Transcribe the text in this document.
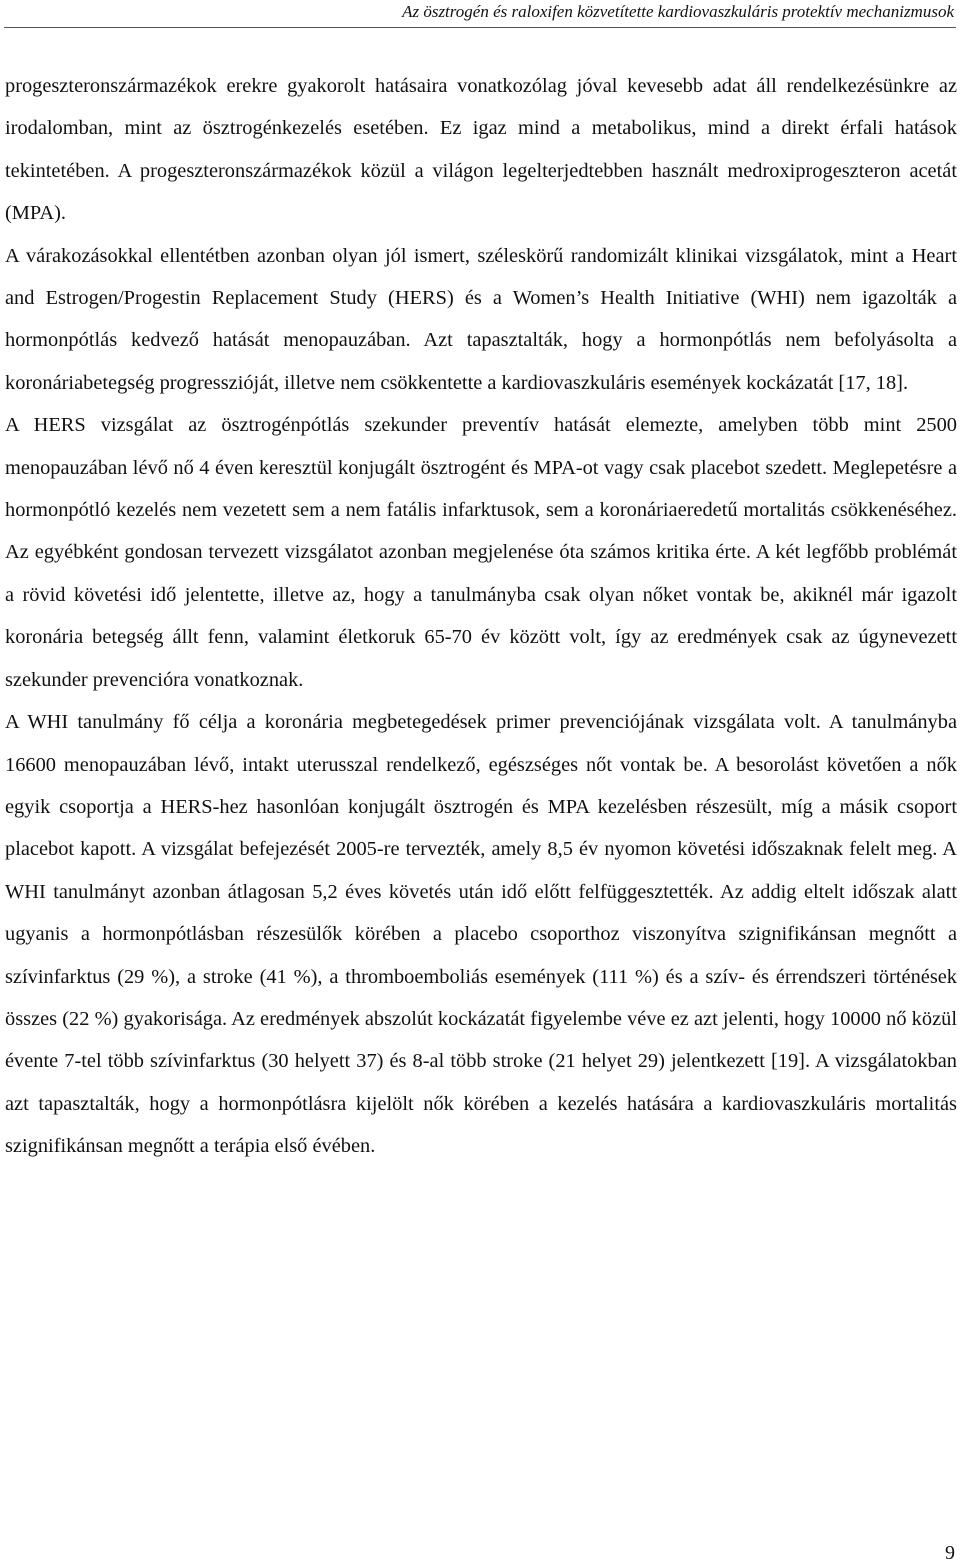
Az ösztrogén és raloxifen közvetítette kardiovaszkuláris protektív mechanizmusok

progeszteronszármazékok erekre gyakorolt hatásaira vonatkozólag jóval kevesebb adat áll rendelkezésünkre az irodalomban, mint az ösztrogénkezelés esetében. Ez igaz mind a metabolikus, mind a direkt érfali hatások tekintetében. A progeszteronszármazékok közül a világon legelterjedtebben használt medroxiprogeszteron acetát (MPA).

A várakozásokkal ellentétben azonban olyan jól ismert, széleskörű randomizált klinikai vizsgálatok, mint a Heart and Estrogen/Progestin Replacement Study (HERS) és a Women’s Health Initiative (WHI) nem igazolták a hormonpótlás kedvező hatását menopauzában. Azt tapasztalták, hogy a hormonpótlás nem befolyásolta a koronáriabetegség progresszióját, illetve nem csökkentette a kardiovaszkuláris események kockázatát [17, 18].

A HERS vizsgálat az ösztrogénpótlás szekunder preventív hatását elemezte, amelyben több mint 2500 menopauzában lévő nő 4 éven keresztül konjugált ösztrogént és MPA-ot vagy csak placebot szedett. Meglepetésre a hormonpótló kezelés nem vezetett sem a nem fatális infarktusok, sem a koronáriaeredetű mortalitás csökkenéséhez. Az egyébként gondosan tervezett vizsgálatot azonban megjelenése óta számos kritika érte. A két legfőbb problémát a rövid követési idő jelentette, illetve az, hogy a tanulmányba csak olyan nőket vontak be, akiknél már igazolt koronária betegség állt fenn, valamint életkoruk 65-70 év között volt, így az eredmények csak az úgynevezett szekunder prevencióra vonatkoznak.

A WHI tanulmány fő célja a koronária megbetegedések primer prevenciójának vizsgálata volt. A tanulmányba 16600 menopauzában lévő, intakt uterusszal rendelkező, egészséges nőt vontak be. A besorolást követően a nők egyik csoportja a HERS-hez hasonlóan konjugált ösztrogén és MPA kezelésben részesült, míg a másik csoport placebot kapott. A vizsgálat befejezését 2005-re tervezték, amely 8,5 év nyomon követési időszaknak felelt meg. A WHI tanulmányt azonban átlagosan 5,2 éves követés után idő előtt felfüggesztették. Az addig eltelt időszak alatt ugyanis a hormonpótlásban részesülők körében a placebo csoporthoz viszonyítva szignifikánsan megnőtt a szívinfarktus (29 %), a stroke (41 %), a thromboemboliás események (111 %) és a szív- és érrendszeri történések összes (22 %) gyakorisága. Az eredmények abszolút kockázatát figyelembe véve ez azt jelenti, hogy 10000 nő közül évente 7-tel több szívinfarktus (30 helyett 37) és 8-al több stroke (21 helyet 29) jelentkezett [19]. A vizsgálatokban azt tapasztalták, hogy a hormonpótlásra kijelölt nők körében a kezelés hatására a kardiovaszkuláris mortalitás szignifikánsan megnőtt a terápia első évében.

9
